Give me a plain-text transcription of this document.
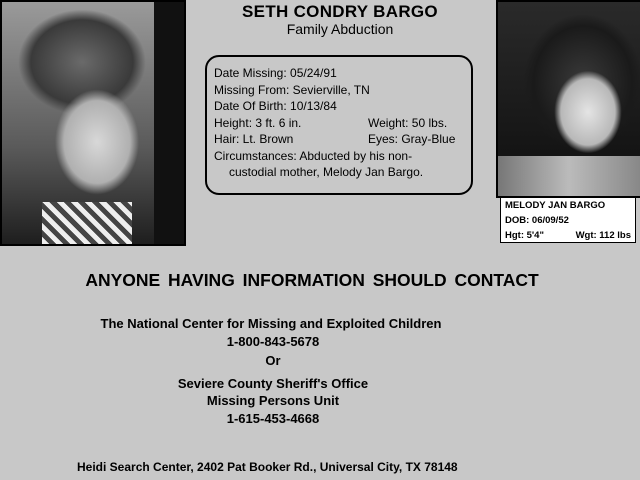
SETH CONDRY BARGO
Family Abduction
Date Missing: 05/24/91
Missing From: Sevierville, TN
Date Of Birth: 10/13/84
Height: 3 ft. 6 in.	Weight: 50 lbs.
Hair: Lt. Brown	Eyes: Gray-Blue
Circumstances: Abducted by his non-
custodial mother, Melody Jan Bargo.
MELODY JAN BARGO
DOB: 06/09/52
Hgt: 5'4"	Wgt: 112 lbs
ANYONE HAVING INFORMATION SHOULD CONTACT
The National Center for Missing and Exploited Children
1-800-843-5678
Or
Seviere County Sheriff's Office
Missing Persons Unit
1-615-453-4668
Heidi Search Center, 2402 Pat Booker Rd., Universal City, TX 78148
